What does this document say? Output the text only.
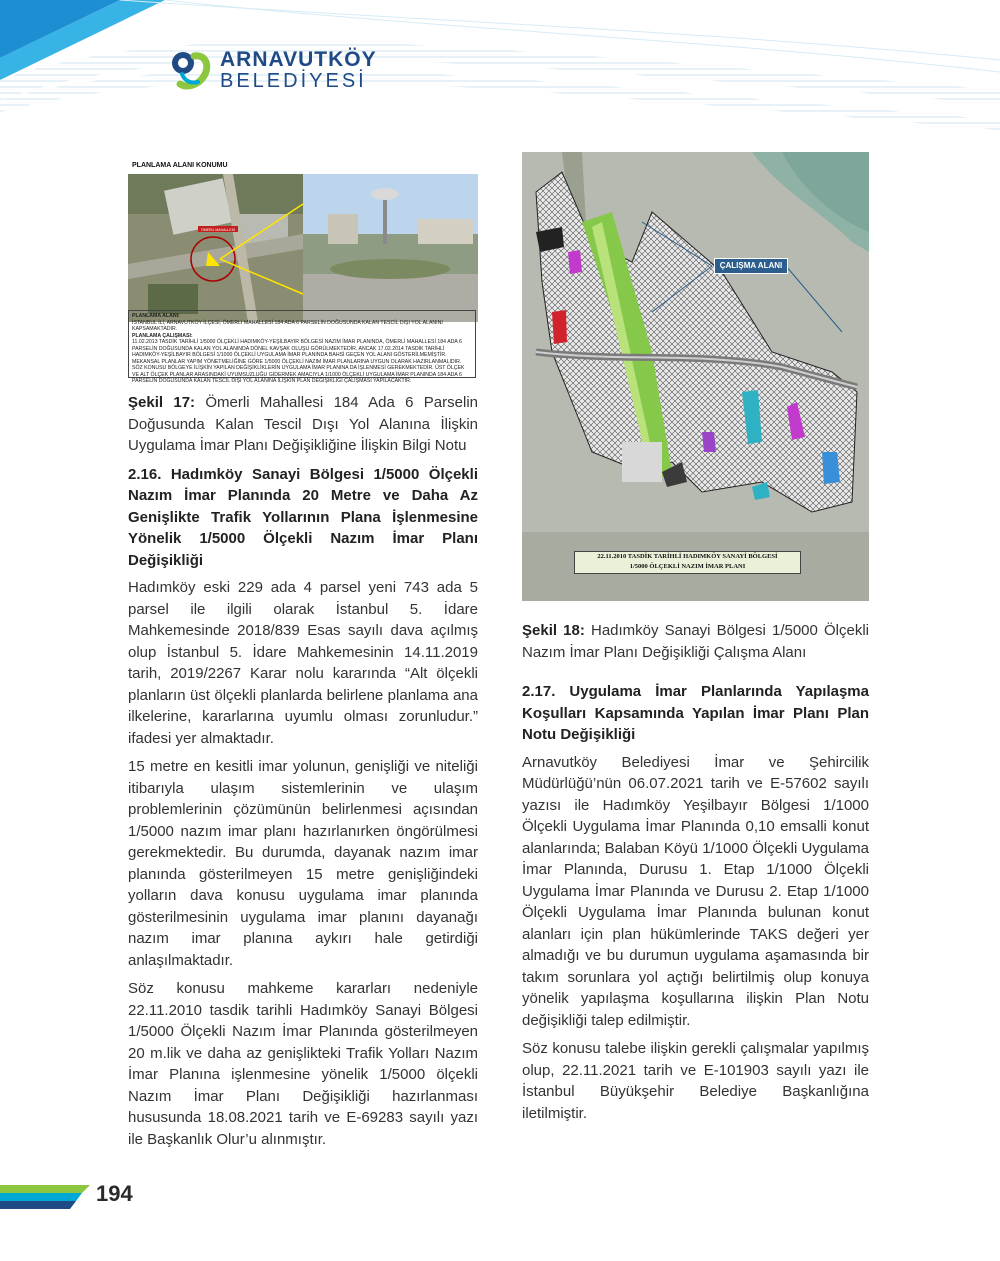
ARNAVUTKÖY
BELEDİYESİ
PLANLAMA ALANI KONUMU
ÖMERLİ MAHALLESİ
PLANLAMA ALANI:
İSTANBUL İLİ, ARNAVUTKÖY İLÇESİ, ÖMERLİ MAHALLESİ 184 ADA 6 PARSELİN DOĞUSUNDA KALAN TESCİL DIŞI YOL ALANINI KAPSAMAKTADIR.
PLANLAMA ÇALIŞMASI:
11.02.2013 TASDİK TARİHLİ 1/5000 ÖLÇEKLİ HADIMKÖY-YEŞİLBAYIR BÖLGESİ NAZIM İMAR PLANINDA, ÖMERLİ MAHALLESİ 184 ADA 6 PARSELİN DOĞUSUNDA KALAN YOL ALANINDA DÖNEL KAVŞAK OLUŞU GÖRÜLMEKTEDİR. ANCAK 17.02.2014 TASDİK TARİHLİ HADIMKÖY-YEŞİLBAYIR BÖLGESİ 1/1000 ÖLÇEKLİ UYGULAMA İMAR PLANINDA BAHSİ GEÇEN YOL ALANI GÖSTERİLMEMİŞTİR. MEKANSAL PLANLAR YAPIM YÖNETMELİĞİNE GÖRE 1/5000 ÖLÇEKLİ NAZIM İMAR PLANLARINA UYGUN OLARAK HAZIRLANMALIDIR. SÖZ KONUSU BÖLGEYE İLİŞKİN YAPILAN DEĞİŞİKLİKLERİN UYGULAMA İMAR PLANINA DA İŞLENMESİ GEREKMEKTEDİR. ÜST ÖLÇEK VE ALT ÖLÇEK PLANLAR ARASINDAKİ UYUMSUZLUĞU GİDERMEK AMACIYLA 1/1000 ÖLÇEKLİ UYGULAMA İMAR PLANINDA 184 ADA 6 PARSELİN DOĞUSUNDA KALAN TESCİL DIŞI YOL ALANINA İLİŞKİN PLAN DEĞİŞİKLİĞİ ÇALIŞMASI YAPILACAKTIR.

Şekil 17: Ömerli Mahallesi 184 Ada 6 Parselin Doğusunda Kalan Tescil Dışı Yol Alanına İlişkin Uygulama İmar Planı Değişikliğine İlişkin Bilgi Notu

2.16. Hadımköy Sanayi Bölgesi 1/5000 Ölçekli Nazım İmar Planında 20 Metre ve Daha Az Genişlikte Trafik Yollarının Plana İşlenmesine Yönelik 1/5000 Ölçekli Nazım İmar Planı Değişikliği

Hadımköy eski 229 ada 4 parsel yeni 743 ada 5 parsel ile ilgili olarak İstanbul 5. İdare Mahkemesinde 2018/839 Esas sayılı dava açılmış olup İstanbul 5. İdare Mahkemesinin 14.11.2019 tarih, 2019/2267 Karar nolu kararında “Alt ölçekli planların üst ölçekli planlarda belirlene planlama ana ilkelerine, kararlarına uyumlu olması zorunludur.” ifadesi yer almaktadır.

15 metre en kesitli imar yolunun, genişliği ve niteliği itibarıyla ulaşım sistemlerinin ve ulaşım problemlerinin çözümünün belirlenmesi açısından 1/5000 nazım imar planı hazırlanırken öngörülmesi gerekmektedir. Bu durumda, dayanak nazım imar planında gösterilmeyen 15 metre genişliğindeki yolların dava konusu uygulama imar planında gösterilmesinin uygulama imar planını dayanağı nazım imar planına aykırı hale getirdiği anlaşılmaktadır.

Söz konusu mahkeme kararları nedeniyle 22.11.2010 tasdik tarihli Hadımköy Sanayi Bölgesi 1/5000 Ölçekli Nazım İmar Planında gösterilmeyen 20 m.lik ve daha az genişlikteki Trafik Yolları Nazım İmar Planına işlenmesine yönelik 1/5000 ölçekli Nazım İmar Planı Değişikliği hazırlanması hususunda 18.08.2021 tarih ve E-69283 sayılı yazı ile Başkanlık Olur’u alınmıştır.

ÇALIŞMA ALANI
22.11.2010 TASDİK TARİHLİ HADIMKÖY SANAYİ BÖLGESİ
1/5000 ÖLÇEKLİ NAZIM İMAR PLANI

Şekil 18: Hadımköy Sanayi Bölgesi 1/5000 Ölçekli Nazım İmar Planı Değişikliği Çalışma Alanı

2.17. Uygulama İmar Planlarında Yapılaşma Koşulları Kapsamında Yapılan İmar Planı Plan Notu Değişikliği

Arnavutköy Belediyesi İmar ve Şehircilik Müdürlüğü’nün 06.07.2021 tarih ve E-57602 sayılı yazısı ile Hadımköy Yeşilbayır Bölgesi 1/1000 Ölçekli Uygulama İmar Planında 0,10 emsalli konut alanlarında; Balaban Köyü 1/1000 Ölçekli Uygulama İmar Planında, Durusu 1. Etap 1/1000 Ölçekli Uygulama İmar Planında ve Durusu 2. Etap 1/1000 Ölçekli Uygulama İmar Planında bulunan konut alanları için plan hükümlerinde TAKS değeri yer almadığı ve bu durumun uygulama aşamasında bir takım sorunlara yol açtığı belirtilmiş olup konuya yönelik yapılaşma koşullarına ilişkin Plan Notu değişikliği talep edilmiştir.

Söz konusu talebe ilişkin gerekli çalışmalar yapılmış olup, 22.11.2021 tarih ve E-101903 sayılı yazı ile İstanbul Büyükşehir Belediye Başkanlığına iletilmiştir.

194
